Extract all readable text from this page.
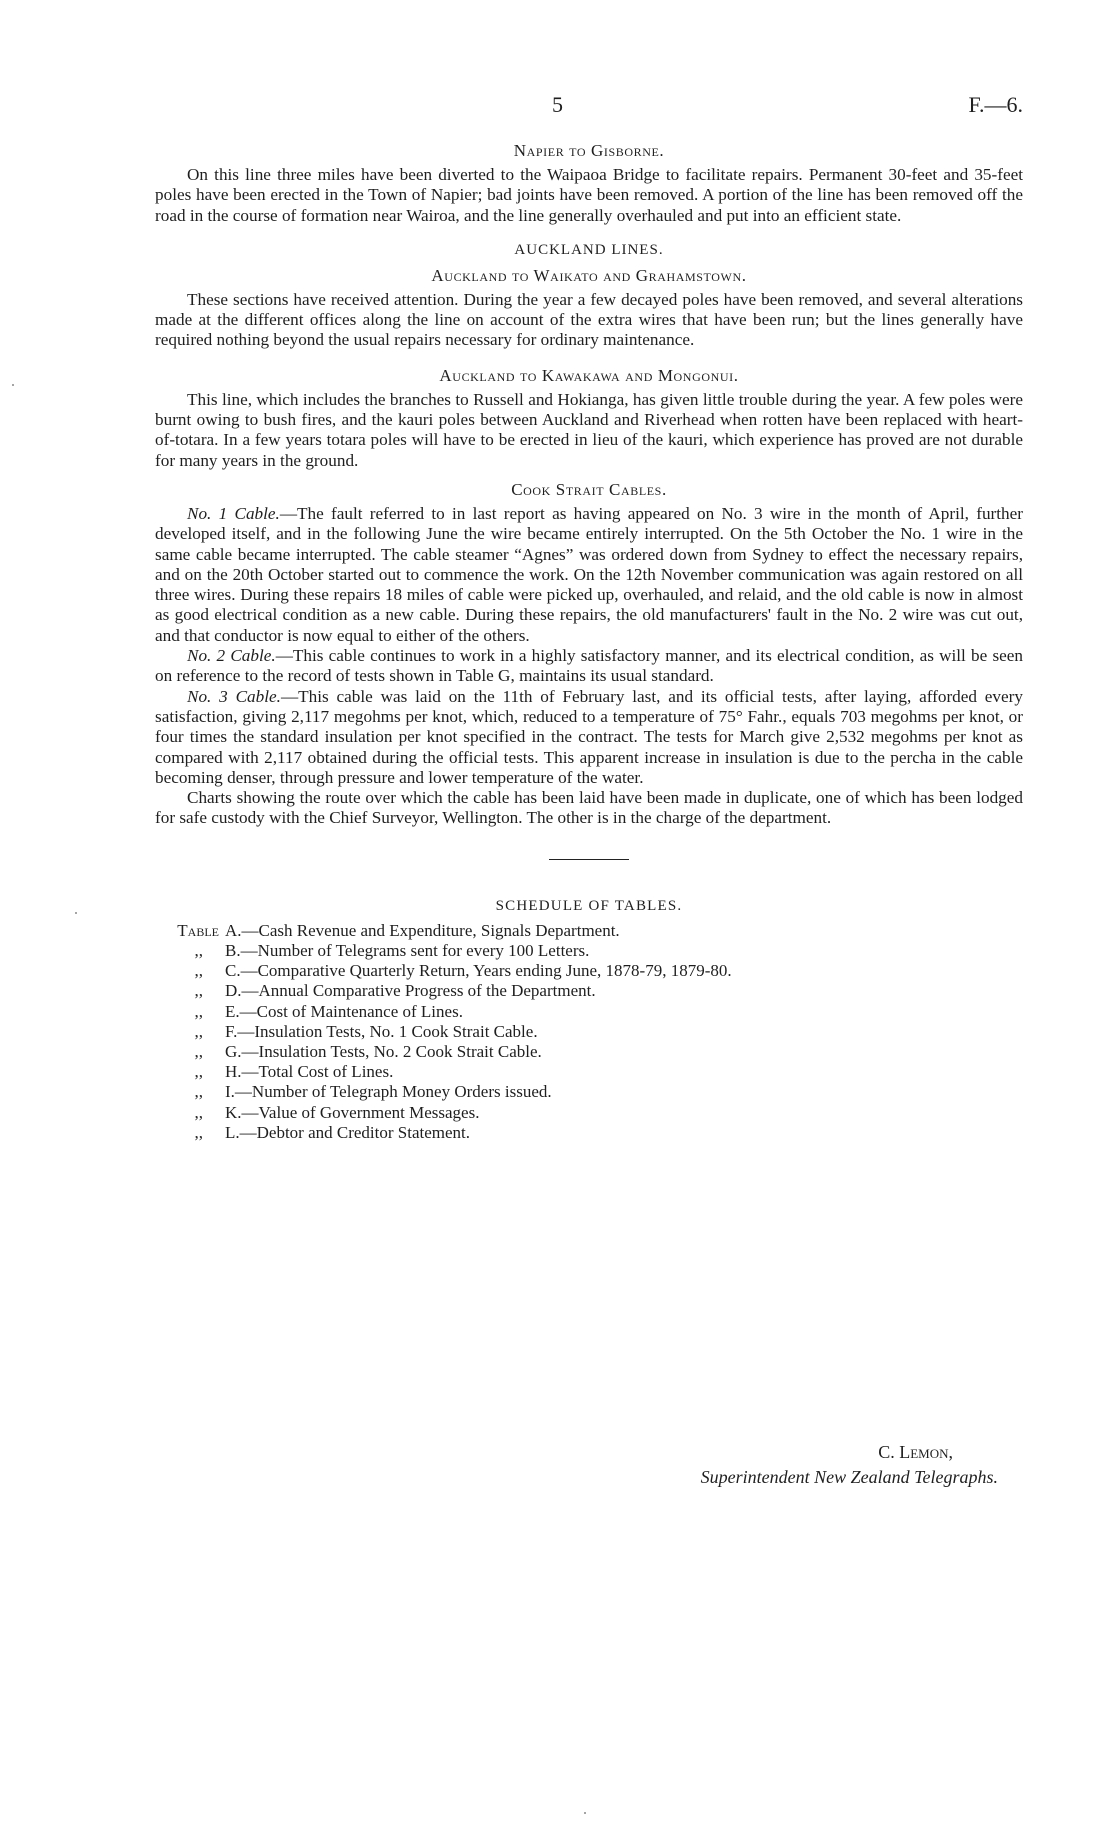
5	F.—6.
Napier to Gisborne.

On this line three miles have been diverted to the Waipaoa Bridge to facilitate repairs. Permanent 30-feet and 35-feet poles have been erected in the Town of Napier; bad joints have been removed. A portion of the line has been removed off the road in the course of formation near Wairoa, and the line generally overhauled and put into an efficient state.

AUCKLAND LINES.
Auckland to Waikato and Grahamstown.

These sections have received attention. During the year a few decayed poles have been removed, and several alterations made at the different offices along the line on account of the extra wires that have been run; but the lines generally have required nothing beyond the usual repairs necessary for ordinary maintenance.

Auckland to Kawakawa and Mongonui.

This line, which includes the branches to Russell and Hokianga, has given little trouble during the year. A few poles were burnt owing to bush fires, and the kauri poles between Auckland and Riverhead when rotten have been replaced with heart-of-totara. In a few years totara poles will have to be erected in lieu of the kauri, which experience has proved are not durable for many years in the ground.

Cook Strait Cables.

No. 1 Cable.—The fault referred to in last report as having appeared on No. 3 wire in the month of April, further developed itself, and in the following June the wire became entirely interrupted. On the 5th October the No. 1 wire in the same cable became interrupted. The cable steamer “Agnes” was ordered down from Sydney to effect the necessary repairs, and on the 20th October started out to commence the work. On the 12th November communication was again restored on all three wires. During these repairs 18 miles of cable were picked up, overhauled, and relaid, and the old cable is now in almost as good electrical condition as a new cable. During these repairs, the old manufacturers' fault in the No. 2 wire was cut out, and that conductor is now equal to either of the others.

No. 2 Cable.—This cable continues to work in a highly satisfactory manner, and its electrical condition, as will be seen on reference to the record of tests shown in Table G, maintains its usual standard.

No. 3 Cable.—This cable was laid on the 11th of February last, and its official tests, after laying, afforded every satisfaction, giving 2,117 megohms per knot, which, reduced to a temperature of 75° Fahr., equals 703 megohms per knot, or four times the standard insulation per knot specified in the contract. The tests for March give 2,532 megohms per knot as compared with 2,117 obtained during the official tests. This apparent increase in insulation is due to the percha in the cable becoming denser, through pressure and lower temperature of the water.

Charts showing the route over which the cable has been laid have been made in duplicate, one of which has been lodged for safe custody with the Chief Surveyor, Wellington. The other is in the charge of the department.

SCHEDULE OF TABLES.
Table A.—Cash Revenue and Expenditure, Signals Department.
,,	B.—Number of Telegrams sent for every 100 Letters.
,,	C.—Comparative Quarterly Return, Years ending June, 1878-79, 1879-80.
,,	D.—Annual Comparative Progress of the Department.
,,	E.—Cost of Maintenance of Lines.
,,	F.—Insulation Tests, No. 1 Cook Strait Cable.
,,	G.—Insulation Tests, No. 2 Cook Strait Cable.
,,	H.—Total Cost of Lines.
,,	I.—Number of Telegraph Money Orders issued.
,,	K.—Value of Government Messages.
,,	L.—Debtor and Creditor Statement.
C. Lemon,
Superintendent New Zealand Telegraphs.
